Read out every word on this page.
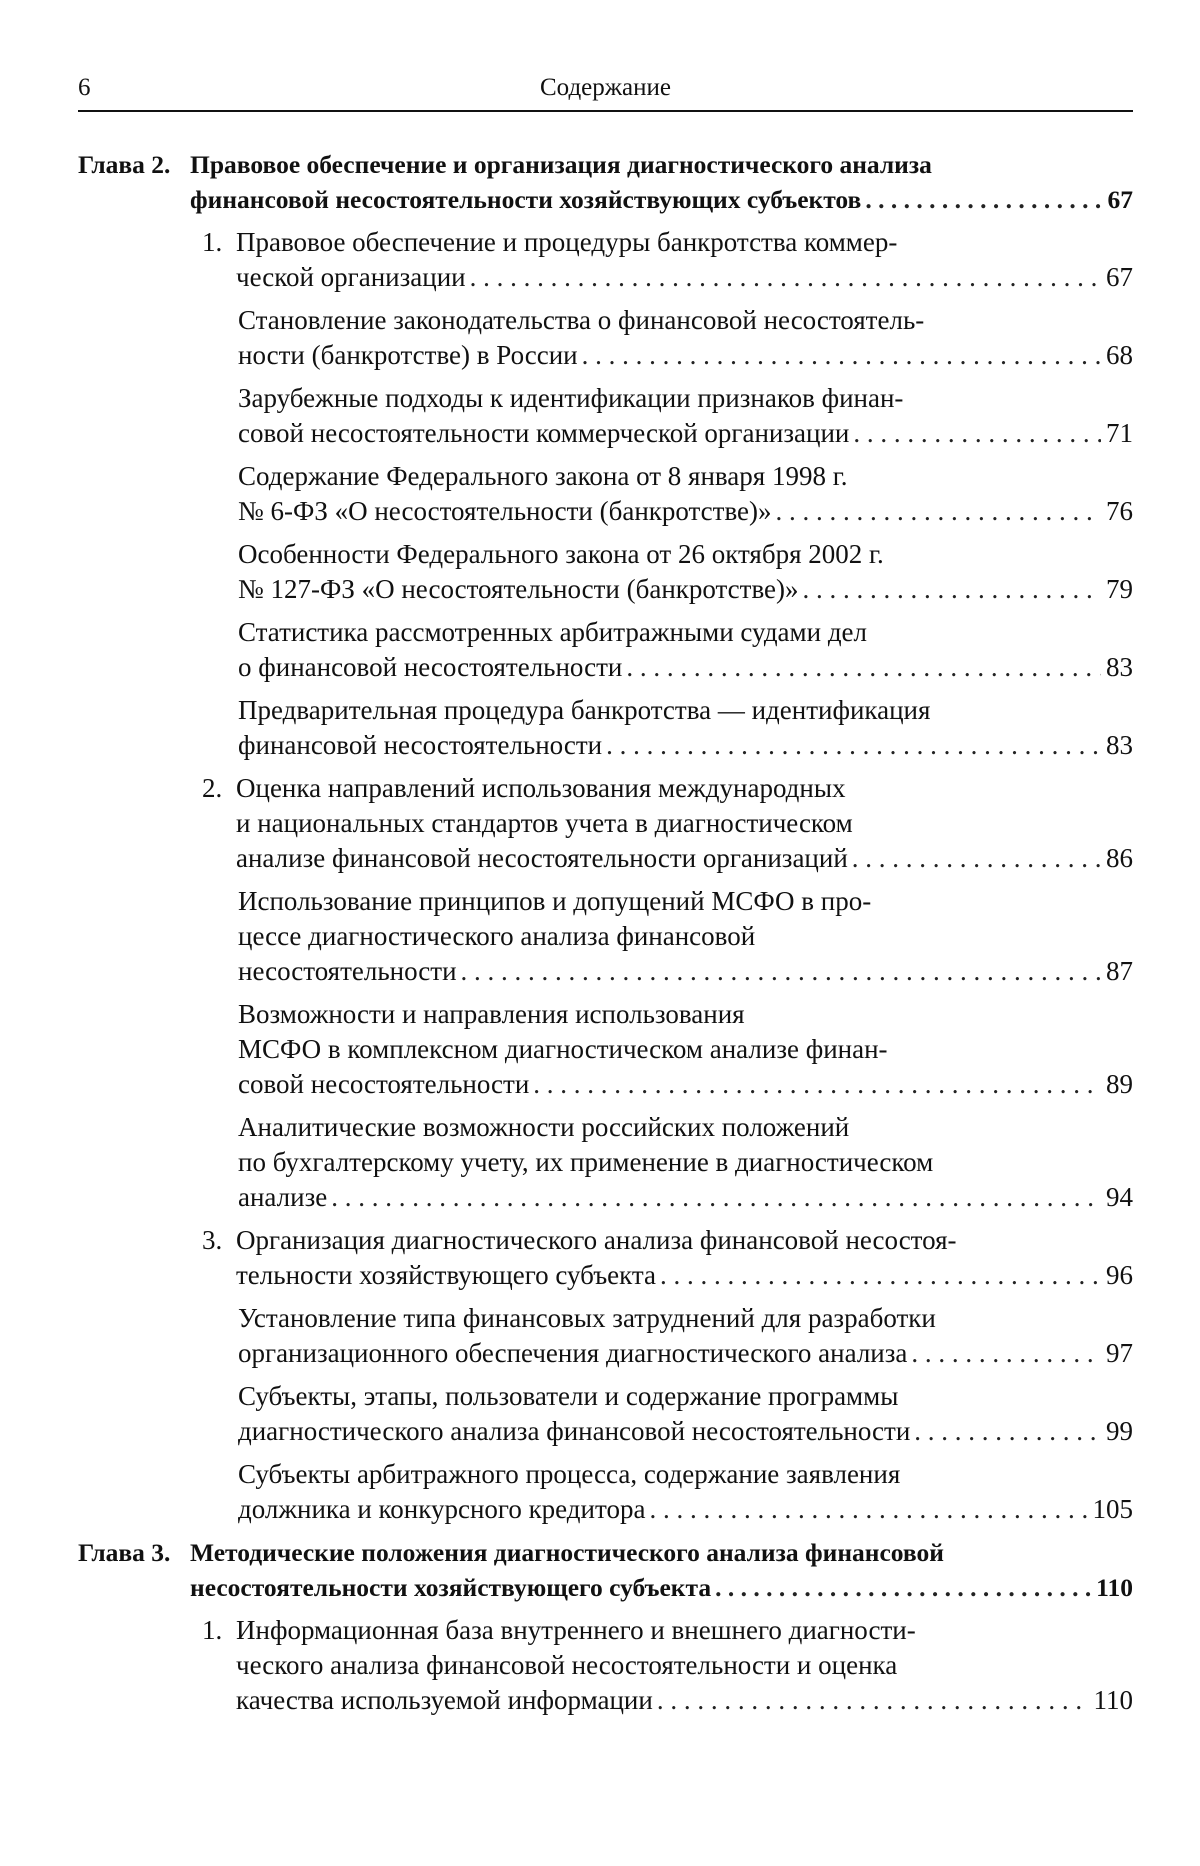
6	Содержание
Глава 2. Правовое обеспечение и организация диагностического анализа
финансовой несостоятельности хозяйствующих субъектов . . .	67
1. Правовое обеспечение и процедуры банкротства коммер-
ческой организации . . .	67
Становление законодательства о финансовой несостоятель-
ности (банкротстве) в России . . .	68
Зарубежные подходы к идентификации признаков финан-
совой несостоятельности коммерческой организации . . .	71
Содержание Федерального закона от 8 января 1998 г.
№ 6-ФЗ «О несостоятельности (банкротстве)» . . .	76
Особенности Федерального закона от 26 октября 2002 г.
№ 127-ФЗ «О несостоятельности (банкротстве)» . . .	79
Статистика рассмотренных арбитражными судами дел
о финансовой несостоятельности . . .	83
Предварительная процедура банкротства — идентификация
финансовой несостоятельности . . .	83
2. Оценка направлений использования международных
и национальных стандартов учета в диагностическом
анализе финансовой несостоятельности организаций . . .	86
Использование принципов и допущений МСФО в про-
цессе диагностического анализа финансовой
несостоятельности . . .	87
Возможности и направления использования
МСФО в комплексном диагностическом анализе финан-
совой несостоятельности . . .	89
Аналитические возможности российских положений
по бухгалтерскому учету, их применение в диагностическом
анализе . . .	94
3. Организация диагностического анализа финансовой несостоя-
тельности хозяйствующего субъекта . . .	96
Установление типа финансовых затруднений для разработки
организационного обеспечения диагностического анализа . . .	97
Субъекты, этапы, пользователи и содержание программы
диагностического анализа финансовой несостоятельности . . .	99
Субъекты арбитражного процесса, содержание заявления
должника и конкурсного кредитора . . .	105
Глава 3. Методические положения диагностического анализа финансовой
несостоятельности хозяйствующего субъекта . . .	110
1. Информационная база внутреннего и внешнего диагности-
ческого анализа финансовой несостоятельности и оценка
качества используемой информации . . .	110
